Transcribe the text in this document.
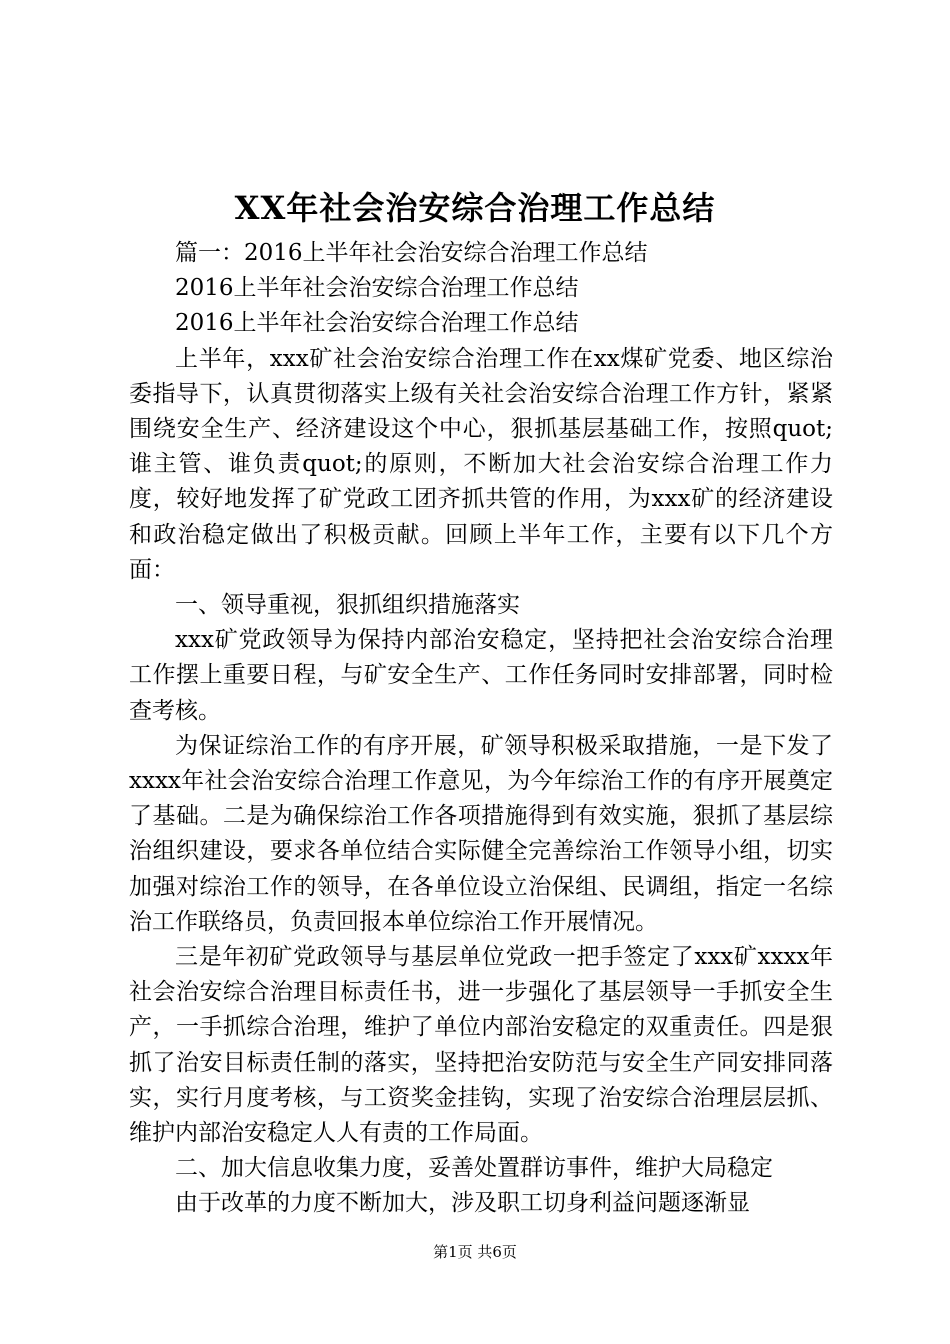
XX年社会治安综合治理工作总结

篇一：2016上半年社会治安综合治理工作总结

2016上半年社会治安综合治理工作总结

2016上半年社会治安综合治理工作总结

上半年，xxx矿社会治安综合治理工作在xx煤矿党委、地区综治委指导下，认真贯彻落实上级有关社会治安综合治理工作方针，紧紧围绕安全生产、经济建设这个中心，狠抓基层基础工作，按照quot;谁主管、谁负责quot;的原则，不断加大社会治安综合治理工作力度，较好地发挥了矿党政工团齐抓共管的作用，为xxx矿的经济建设和政治稳定做出了积极贡献。回顾上半年工作，主要有以下几个方面：

一、领导重视，狠抓组织措施落实

xxx矿党政领导为保持内部治安稳定，坚持把社会治安综合治理工作摆上重要日程，与矿安全生产、工作任务同时安排部署，同时检查考核。

为保证综治工作的有序开展，矿领导积极采取措施，一是下发了xxxx年社会治安综合治理工作意见，为今年综治工作的有序开展奠定了基础。二是为确保综治工作各项措施得到有效实施，狠抓了基层综治组织建设，要求各单位结合实际健全完善综治工作领导小组，切实加强对综治工作的领导，在各单位设立治保组、民调组，指定一名综治工作联络员，负责回报本单位综治工作开展情况。

三是年初矿党政领导与基层单位党政一把手签定了xxx矿xxxx年社会治安综合治理目标责任书，进一步强化了基层领导一手抓安全生产，一手抓综合治理，维护了单位内部治安稳定的双重责任。四是狠抓了治安目标责任制的落实，坚持把治安防范与安全生产同安排同落实，实行月度考核，与工资奖金挂钩，实现了治安综合治理层层抓、维护内部治安稳定人人有责的工作局面。

二、加大信息收集力度，妥善处置群访事件，维护大局稳定

由于改革的力度不断加大，涉及职工切身利益问题逐渐显

第1页 共6页
